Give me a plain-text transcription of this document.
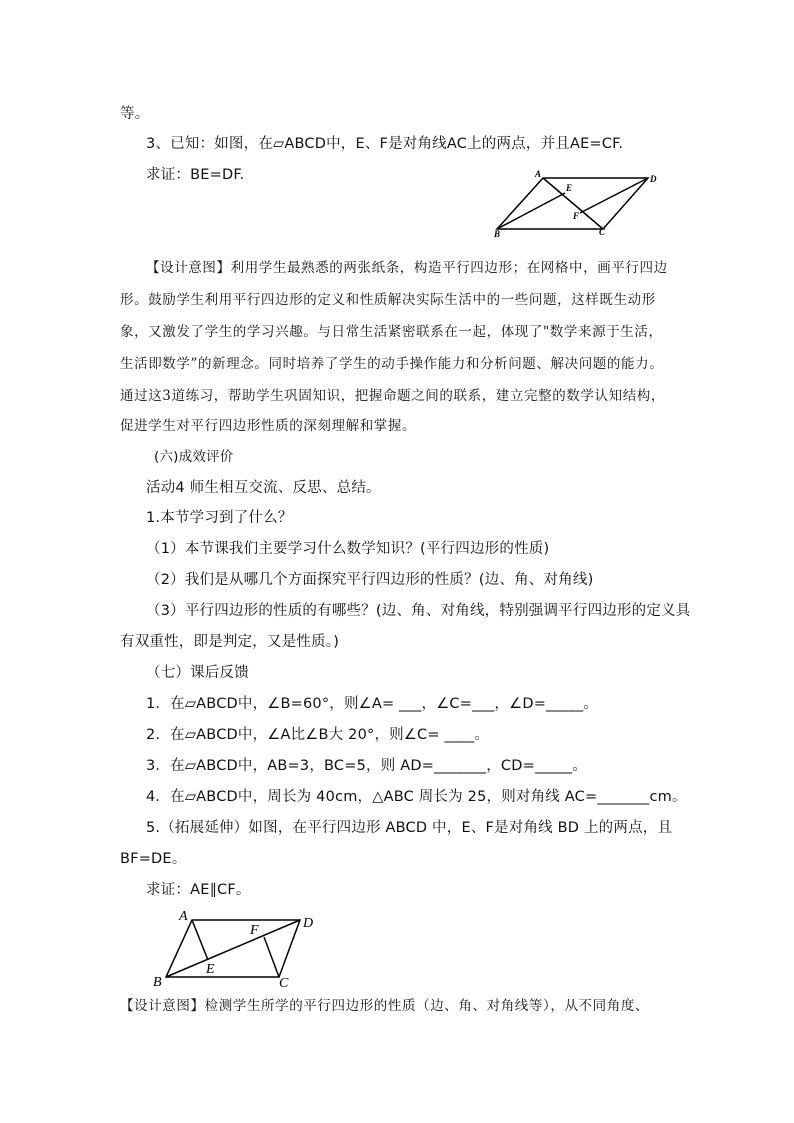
等。
3、已知：如图，在▱ABCD中，E、F是对角线AC上的两点，并且AE=CF.
求证：BE=DF.	A	D
B	C
E
F
【设计意图】利用学生最熟悉的两张纸条，构造平行四边形；在网格中，画平行四边
形。鼓励学生利用平行四边形的定义和性质解决实际生活中的一些问题，这样既生动形
象，又激发了学生的学习兴趣。与日常生活紧密联系在一起，体现了"数学来源于生活，
生活即数学”的新理念。同时培养了学生的动手操作能力和分析问题、解决问题的能力。
通过这3道练习，帮助学生巩固知识，把握命题之间的联系，建立完整的数学认知结构，
促进学生对平行四边形性质的深刻理解和掌握。
(六)成效评价
活动4 师生相互交流、反思、总结。
1.本节学习到了什么？
（1）本节课我们主要学习什么数学知识？(平行四边形的性质)
（2）我们是从哪几个方面探究平行四边形的性质？(边、角、对角线)
（3）平行四边形的性质的有哪些？(边、角、对角线，特别强调平行四边形的定义具
有双重性，即是判定，又是性质。)
（七）课后反馈
1．在▱ABCD中，∠B=60°，则∠A= ___，∠C=___，∠D=_____。
2．在▱ABCD中，∠A比∠B大 20°，则∠C= ____。
3．在▱ABCD中，AB=3，BC=5，则 AD=_______，CD=_____。
4．在▱ABCD中，周长为 40cm，△ABC 周长为 25，则对角线 AC=_______cm。
5.（拓展延伸）如图，在平行四边形 ABCD 中，E、F是对角线 BD 上的两点，且
BF=DE。
求证：AE∥CF。
A	D
B	C
E
F
【设计意图】检测学生所学的平行四边形的性质（边、角、对角线等），从不同角度、
